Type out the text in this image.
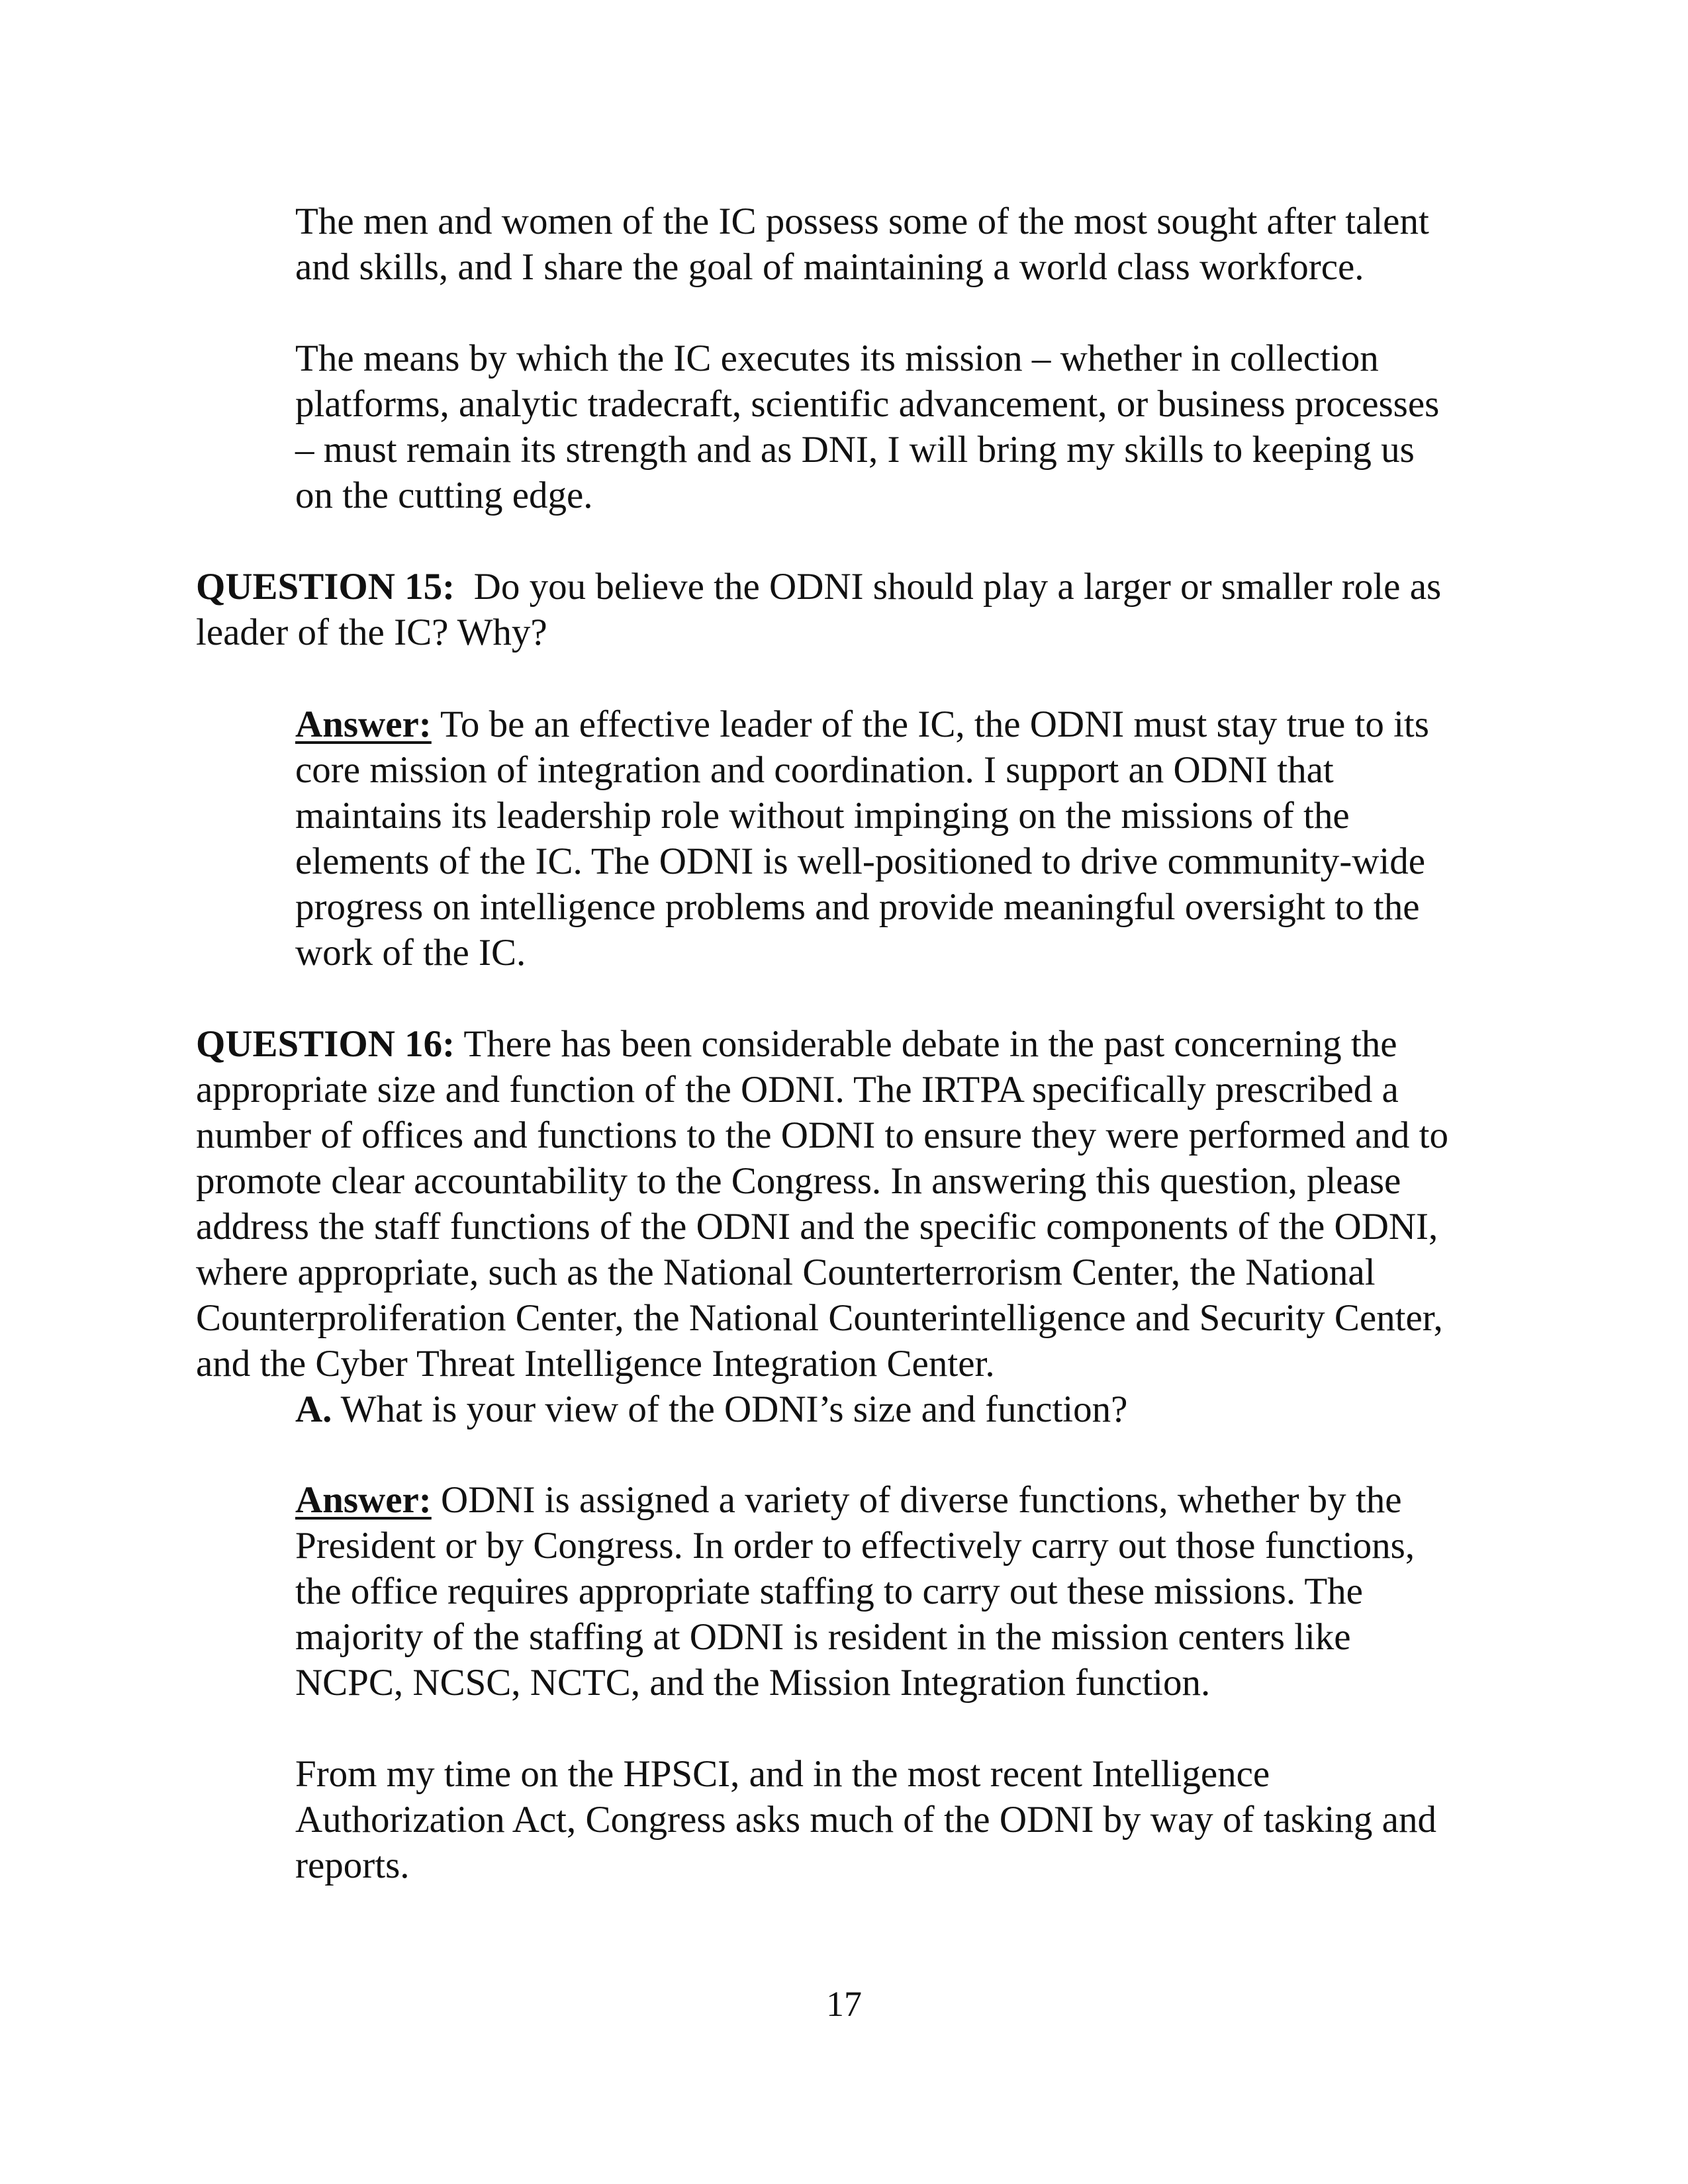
The men and women of the IC possess some of the most sought after talent
and skills, and I share the goal of maintaining a world class workforce.
The means by which the IC executes its mission – whether in collection
platforms, analytic tradecraft, scientific advancement, or business processes
– must remain its strength and as DNI, I will bring my skills to keeping us
on the cutting edge.
QUESTION 15: Do you believe the ODNI should play a larger or smaller role as
leader of the IC? Why?
Answer: To be an effective leader of the IC, the ODNI must stay true to its
core mission of integration and coordination. I support an ODNI that
maintains its leadership role without impinging on the missions of the
elements of the IC. The ODNI is well-positioned to drive community-wide
progress on intelligence problems and provide meaningful oversight to the
work of the IC.
QUESTION 16: There has been considerable debate in the past concerning the
appropriate size and function of the ODNI. The IRTPA specifically prescribed a
number of offices and functions to the ODNI to ensure they were performed and to
promote clear accountability to the Congress. In answering this question, please
address the staff functions of the ODNI and the specific components of the ODNI,
where appropriate, such as the National Counterterrorism Center, the National
Counterproliferation Center, the National Counterintelligence and Security Center,
and the Cyber Threat Intelligence Integration Center.
A. What is your view of the ODNI’s size and function?
Answer: ODNI is assigned a variety of diverse functions, whether by the
President or by Congress. In order to effectively carry out those functions,
the office requires appropriate staffing to carry out these missions. The
majority of the staffing at ODNI is resident in the mission centers like
NCPC, NCSC, NCTC, and the Mission Integration function.
From my time on the HPSCI, and in the most recent Intelligence
Authorization Act, Congress asks much of the ODNI by way of tasking and
reports.
17
